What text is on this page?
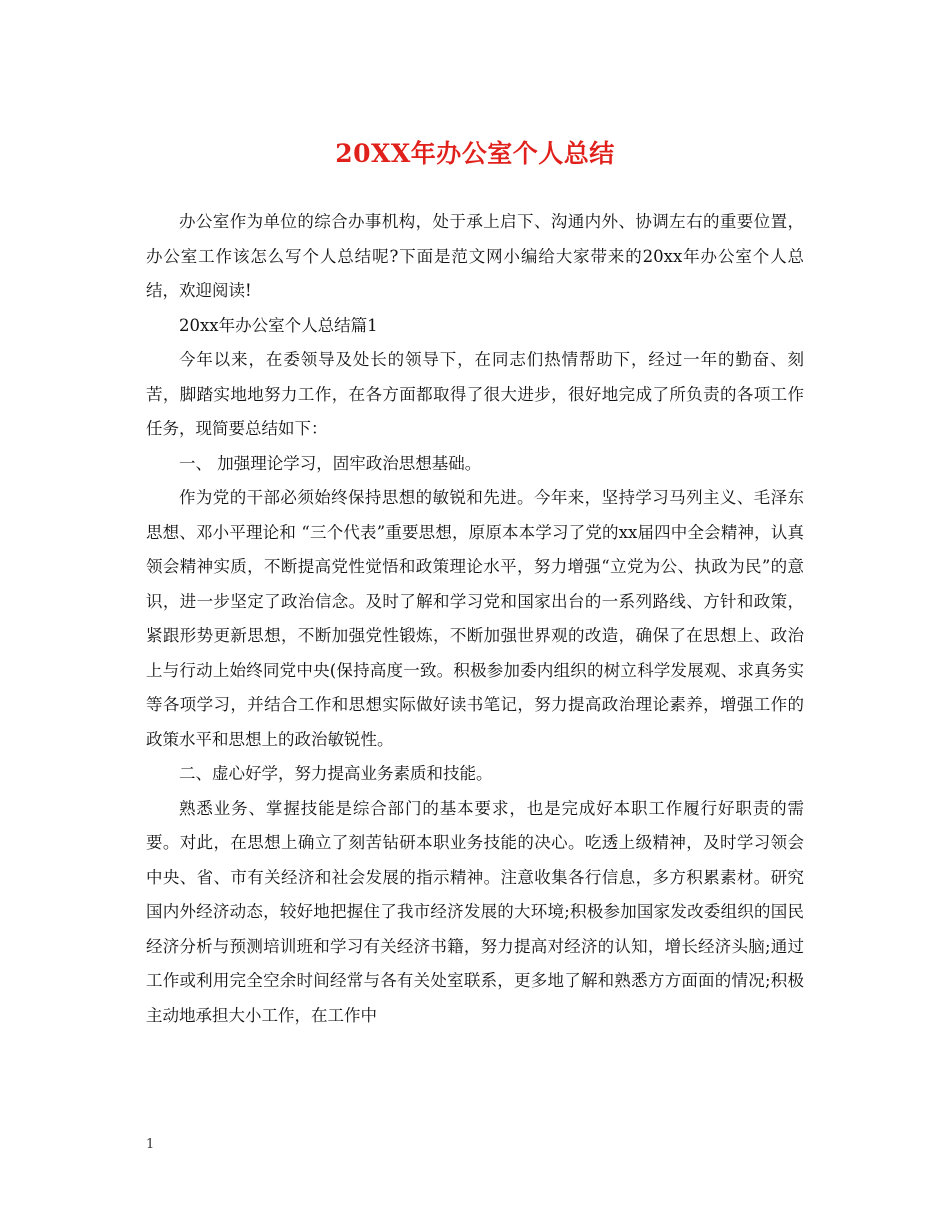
20XX年办公室个人总结

办公室作为单位的综合办事机构，处于承上启下、沟通内外、协调左右的重要位置，办公室工作该怎么写个人总结呢?下面是范文网小编给大家带来的20xx年办公室个人总结，欢迎阅读!

20xx年办公室个人总结篇1

今年以来，在委领导及处长的领导下，在同志们热情帮助下，经过一年的勤奋、刻苦，脚踏实地地努力工作，在各方面都取得了很大进步，很好地完成了所负责的各项工作任务，现简要总结如下：

一、 加强理论学习，固牢政治思想基础。

作为党的干部必须始终保持思想的敏锐和先进。今年来，坚持学习马列主义、毛泽东思想、邓小平理论和 “三个代表”重要思想，原原本本学习了党的xx届四中全会精神，认真领会精神实质，不断提高党性觉悟和政策理论水平，努力增强“立党为公、执政为民”的意识，进一步坚定了政治信念。及时了解和学习党和国家出台的一系列路线、方针和政策，紧跟形势更新思想，不断加强党性锻炼，不断加强世界观的改造，确保了在思想上、政治上与行动上始终同党中央(保持高度一致。积极参加委内组织的树立科学发展观、求真务实等各项学习，并结合工作和思想实际做好读书笔记，努力提高政治理论素养，增强工作的政策水平和思想上的政治敏锐性。

二、虚心好学，努力提高业务素质和技能。

熟悉业务、掌握技能是综合部门的基本要求，也是完成好本职工作履行好职责的需要。对此，在思想上确立了刻苦钻研本职业务技能的决心。吃透上级精神，及时学习领会中央、省、市有关经济和社会发展的指示精神。注意收集各行信息，多方积累素材。研究国内外经济动态，较好地把握住了我市经济发展的大环境;积极参加国家发改委组织的国民经济分析与预测培训班和学习有关经济书籍，努力提高对经济的认知，增长经济头脑;通过工作或利用完全空余时间经常与各有关处室联系，更多地了解和熟悉方方面面的情况;积极主动地承担大小工作，在工作中

1
